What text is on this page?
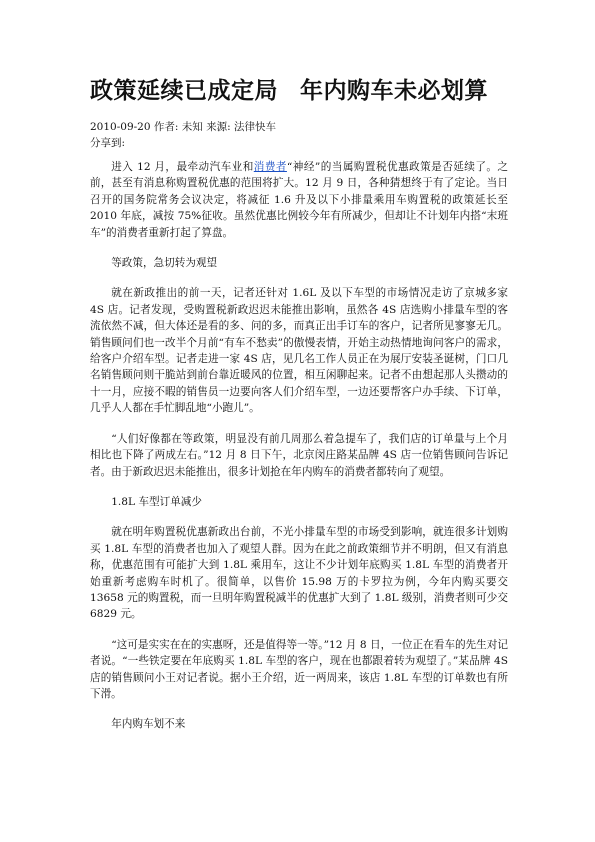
政策延续已成定局 年内购车未必划算
2010-09-20 作者: 未知 来源: 法律快车
分享到:

进入 12 月，最牵动汽车业和消费者“神经”的当属购置税优惠政策是否延续了。之前，甚至有消息称购置税优惠的范围将扩大。12 月 9 日，各种猜想终于有了定论。当日召开的国务院常务会议决定，将减征 1.6 升及以下小排量乘用车购置税的政策延长至 2010 年底，减按 75%征收。虽然优惠比例较今年有所减少，但却让不计划年内搭“末班车”的消费者重新打起了算盘。

等政策，急切转为观望

就在新政推出的前一天，记者还针对 1.6L 及以下车型的市场情况走访了京城多家 4S 店。记者发现，受购置税新政迟迟未能推出影响，虽然各 4S 店选购小排量车型的客流依然不减，但大体还是看的多、问的多，而真正出手订车的客户，记者所见寥寥无几。销售顾问们也一改半个月前“有车不愁卖”的傲慢表情，开始主动热情地询问客户的需求，给客户介绍车型。记者走进一家 4S 店，见几名工作人员正在为展厅安装圣诞树，门口几名销售顾问则干脆站到前台靠近暖风的位置，相互闲聊起来。记者不由想起那人头攒动的十一月，应接不暇的销售员一边要向客人们介绍车型，一边还要帮客户办手续、下订单，几乎人人都在手忙脚乱地“小跑儿”。

“人们好像都在等政策，明显没有前几周那么着急提车了，我们店的订单量与上个月相比也下降了两成左右。”12 月 8 日下午，北京闵庄路某品牌 4S 店一位销售顾问告诉记者。由于新政迟迟未能推出，很多计划抢在年内购车的消费者都转向了观望。

1.8L 车型订单减少

就在明年购置税优惠新政出台前，不光小排量车型的市场受到影响，就连很多计划购买 1.8L 车型的消费者也加入了观望人群。因为在此之前政策细节并不明朗，但又有消息称，优惠范围有可能扩大到 1.8L 乘用车，这让不少计划年底购买 1.8L 车型的消费者开始重新考虑购车时机了。很简单，以售价 15.98 万的卡罗拉为例，今年内购买要交 13658 元的购置税，而一旦明年购置税减半的优惠扩大到了 1.8L 级别，消费者则可少交 6829 元。

“这可是实实在在的实惠呀，还是值得等一等。”12 月 8 日，一位正在看车的先生对记者说。“一些铁定要在年底购买 1.8L 车型的客户，现在也都跟着转为观望了。”某品牌 4S 店的销售顾问小王对记者说。据小王介绍，近一两周来，该店 1.8L 车型的订单数也有所下滑。

年内购车划不来
